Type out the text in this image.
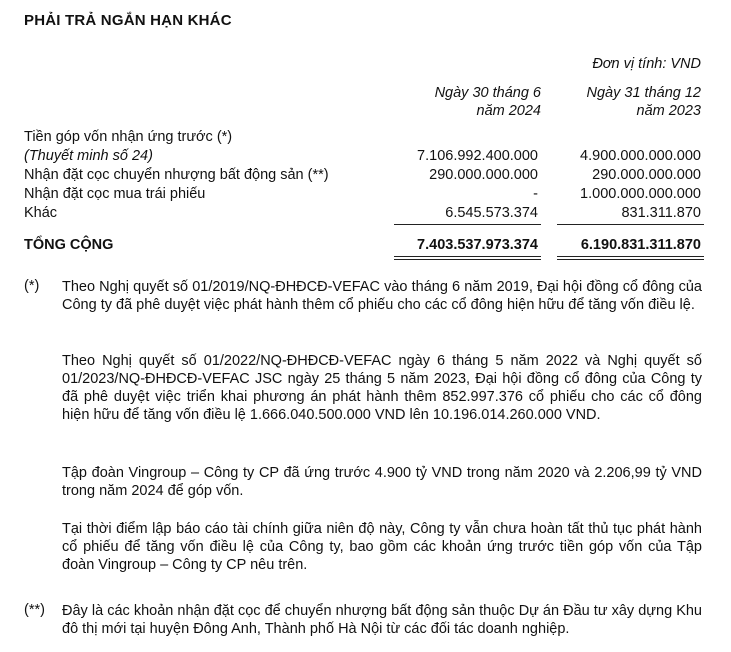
PHẢI TRẢ NGẮN HẠN KHÁC
Đơn vị tính: VND
Ngày 30 tháng 6
năm 2024
Ngày 31 tháng 12
năm 2023
Tiền góp vốn nhận ứng trước (*)
(Thuyết minh số 24)	7.106.992.400.000	4.900.000.000.000
Nhận đặt cọc chuyển nhượng bất động sản (**)	290.000.000.000	290.000.000.000
Nhận đặt cọc mua trái phiếu	-	1.000.000.000.000
Khác	6.545.573.374	831.311.870
TỔNG CỘNG	7.403.537.973.374	6.190.831.311.870
(*) Theo Nghị quyết số 01/2019/NQ-ĐHĐCĐ-VEFAC vào tháng 6 năm 2019, Đại hội đồng cổ đông của Công ty đã phê duyệt việc phát hành thêm cổ phiếu cho các cổ đông hiện hữu để tăng vốn điều lệ.
Theo Nghị quyết số 01/2022/NQ-ĐHĐCĐ-VEFAC ngày 6 tháng 5 năm 2022 và Nghị quyết số 01/2023/NQ-ĐHĐCĐ-VEFAC JSC ngày 25 tháng 5 năm 2023, Đại hội đồng cổ đông của Công ty đã phê duyệt việc triển khai phương án phát hành thêm 852.997.376 cổ phiếu cho các cổ đông hiện hữu để tăng vốn điều lệ 1.666.040.500.000 VND lên 10.196.014.260.000 VND.
Tập đoàn Vingroup – Công ty CP đã ứng trước 4.900 tỷ VND trong năm 2020 và 2.206,99 tỷ VND trong năm 2024 để góp vốn.
Tại thời điểm lập báo cáo tài chính giữa niên độ này, Công ty vẫn chưa hoàn tất thủ tục phát hành cổ phiếu để tăng vốn điều lệ của Công ty, bao gồm các khoản ứng trước tiền góp vốn của Tập đoàn Vingroup – Công ty CP nêu trên.
(**) Đây là các khoản nhận đặt cọc để chuyển nhượng bất động sản thuộc Dự án Đầu tư xây dựng Khu đô thị mới tại huyện Đông Anh, Thành phố Hà Nội từ các đối tác doanh nghiệp.
